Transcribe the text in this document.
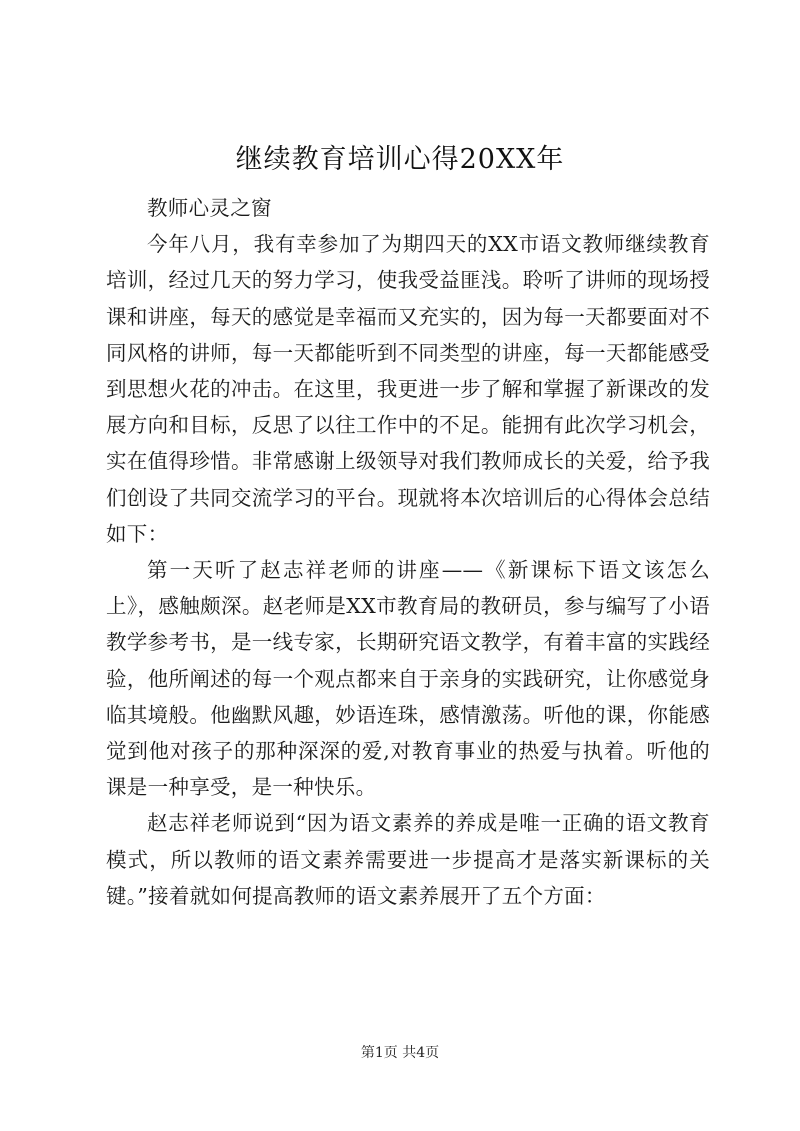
继续教育培训心得20XX年

教师心灵之窗

今年八月，我有幸参加了为期四天的XX市语文教师继续教育培训，经过几天的努力学习，使我受益匪浅。聆听了讲师的现场授课和讲座，每天的感觉是幸福而又充实的，因为每一天都要面对不同风格的讲师，每一天都能听到不同类型的讲座，每一天都能感受到思想火花的冲击。在这里，我更进一步了解和掌握了新课改的发展方向和目标，反思了以往工作中的不足。能拥有此次学习机会，实在值得珍惜。非常感谢上级领导对我们教师成长的关爱，给予我们创设了共同交流学习的平台。现就将本次培训后的心得体会总结如下：

第一天听了赵志祥老师的讲座——《新课标下语文该怎么上》，感触颇深。赵老师是XX市教育局的教研员，参与编写了小语教学参考书，是一线专家，长期研究语文教学，有着丰富的实践经验，他所阐述的每一个观点都来自于亲身的实践研究，让你感觉身临其境般。他幽默风趣，妙语连珠，感情激荡。听他的课，你能感觉到他对孩子的那种深深的爱,对教育事业的热爱与执着。听他的课是一种享受，是一种快乐。

赵志祥老师说到“因为语文素养的养成是唯一正确的语文教育模式，所以教师的语文素养需要进一步提高才是落实新课标的关键。”接着就如何提高教师的语文素养展开了五个方面：

第1页 共4页
